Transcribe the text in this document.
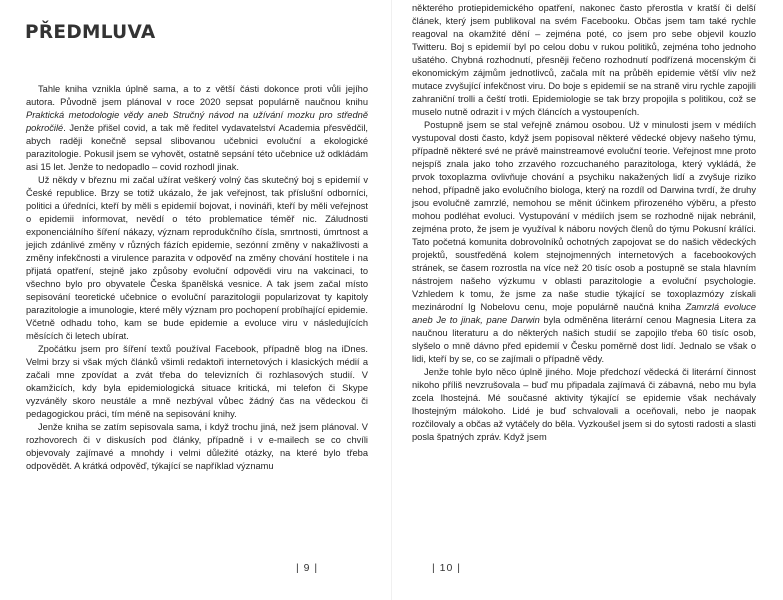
PŘEDMLUVA

Tahle kniha vznikla úplně sama, a to z větší části dokonce proti vůli jejího autora. Původně jsem plánoval v roce 2020 sepsat populárně naučnou knihu Praktická metodologie vědy aneb Stručný návod na užívání mozku pro středně pokročilé. Jenže přišel covid, a tak mě ředitel vydavatelství Academia přesvědčil, abych raději konečně sepsal slibovanou učebnici evoluční a ekologické parazitologie. Pokusil jsem se vyhovět, ostatně sepsání této učebnice už odkládám asi 15 let. Jenže to nedopadlo – covid rozhodl jinak.

Už někdy v březnu mi začal užírat veškerý volný čas skutečný boj s epidemií v České republice. Brzy se totiž ukázalo, že jak veřejnost, tak příslušní odborníci, politici a úředníci, kteří by měli s epidemií bojovat, i novináři, kteří by měli veřejnost o epidemii informovat, nevědí o této problematice téměř nic. Záludnosti exponenciálního šíření nákazy, význam reprodukčního čísla, smrtnosti, úmrtnost a jejich zdánlivé změny v různých fázích epidemie, sezónní změny v nakažlivosti a změny infekčnosti a virulence parazita v odpověď na změny chování hostitele i na přijatá opatření, stejně jako způsoby evoluční odpovědi viru na vakcinaci, to všechno bylo pro obyvatele Česka španělská vesnice. A tak jsem začal místo sepisování teoretické učebnice o evoluční parazitologii popularizovat ty kapitoly parazitologie a imunologie, které měly význam pro pochopení probíhající epidemie. Včetně odhadu toho, kam se bude epidemie a evoluce viru v následujících měsících či letech ubírat.

Zpočátku jsem pro šíření textů používal Facebook, případně blog na iDnes. Velmi brzy si však mých článků všimli redaktoři internetových i klasických médií a začali mne zpovídat a zvát třeba do televizních či rozhlasových studií. V okamžicích, kdy byla epidemiologická situace kritická, mi telefon či Skype vyzváněly skoro neustále a mně nezbýval vůbec žádný čas na vědeckou či pedagogickou práci, tím méně na sepisování knihy.

Jenže kniha se zatím sepisovala sama, i když trochu jiná, než jsem plánoval. V rozhovorech či v diskusích pod články, případně i v e-mailech se co chvíli objevovaly zajímavé a mnohdy i velmi důležité otázky, na které bylo třeba odpovědět. A krátká odpověď, týkající se například významu

| 9 |

některého protiepidemického opatření, nakonec často přerostla v kratší či delší článek, který jsem publikoval na svém Facebooku. Občas jsem tam také rychle reagoval na okamžité dění – zejména poté, co jsem pro sebe objevil kouzlo Twitteru. Boj s epidemií byl po celou dobu v rukou politiků, zejména toho jednoho ušatého. Chybná rozhodnutí, přesněji řečeno rozhodnutí podřízená mocenským či ekonomickým zájmům jednotlivců, začala mít na průběh epidemie větší vliv než mutace zvyšující infekčnost viru. Do boje s epidemií se na straně viru rychle zapojili zahraniční trolli a čeští trotli. Epidemiologie se tak brzy propojila s politikou, což se muselo nutně odrazit i v mých článcích a vystoupeních.

Postupně jsem se stal veřejně známou osobou. Už v minulosti jsem v médiích vystupoval dosti často, když jsem popisoval některé vědecké objevy našeho týmu, případně některé své ne právě mainstreamové evoluční teorie. Veřejnost mne proto nejspíš znala jako toho zrzavého rozcuchaného parazitologa, který vykládá, že prvok toxoplazma ovlivňuje chování a psychiku nakažených lidí a zvyšuje riziko nehod, případně jako evolučního biologa, který na rozdíl od Darwina tvrdí, že druhy jsou evolučně zamrzlé, nemohou se měnit účinkem přirozeného výběru, a přesto mohou podléhat evoluci. Vystupování v médiích jsem se rozhodně nijak nebránil, zejména proto, že jsem je využíval k náboru nových členů do týmu Pokusní králíci. Tato početná komunita dobrovolníků ochotných zapojovat se do našich vědeckých projektů, soustředěná kolem stejnojmenných internetových a facebookových stránek, se časem rozrostla na více než 20 tisíc osob a postupně se stala hlavním nástrojem našeho výzkumu v oblasti parazitologie a evoluční psychologie. Vzhledem k tomu, že jsme za naše studie týkající se toxoplazmózy získali mezinárodní Ig Nobelovu cenu, moje populárně naučná kniha Zamrzlá evoluce aneb Je to jinak, pane Darwin byla odměněna literární cenou Magnesia Litera za naučnou literaturu a do některých našich studií se zapojilo třeba 60 tisíc osob, slyšelo o mně dávno před epidemií v Česku poměrně dost lidí. Jednalo se však o lidi, kteří by se, co se zajímali o případně vědy.

Jenže tohle bylo něco úplně jiného. Moje předchozí vědecká či literární činnost nikoho příliš nevzrušovala – buď mu připadala zajímavá či zábavná, nebo mu byla zcela lhostejná. Mé současné aktivity týkající se epidemie však nechávaly lhostejným málokoho. Lidé je buď schvalovali a oceňovali, nebo je naopak rozčilovaly a občas až vytáčely do běla. Vyzkoušel jsem si do sytosti radosti a slasti posla špatných zpráv. Když jsem

| 10 |
